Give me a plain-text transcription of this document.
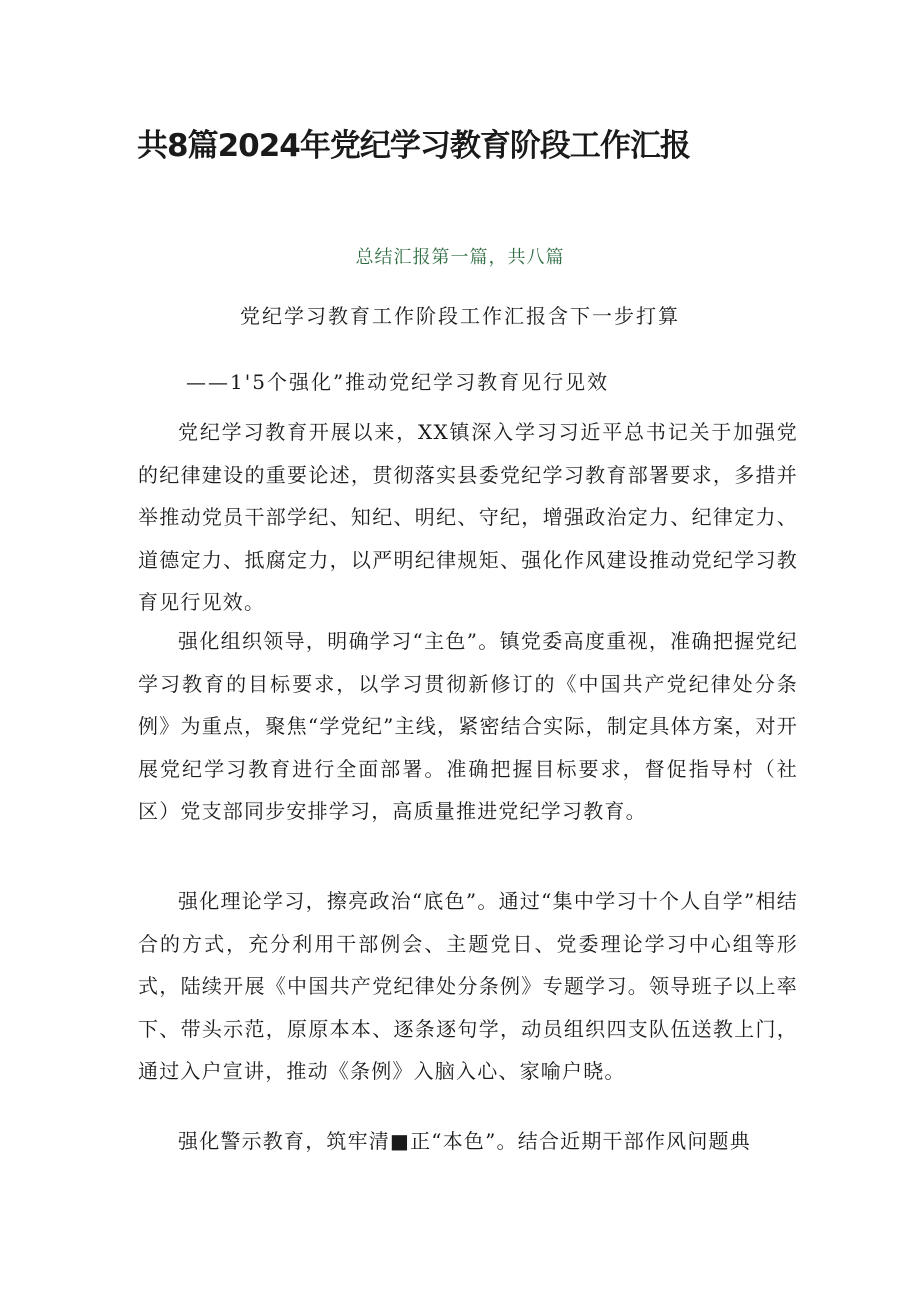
共8篇2024年党纪学习教育阶段工作汇报
总结汇报第一篇，共八篇
党纪学习教育工作阶段工作汇报含下一步打算
——1'5个强化”推动党纪学习教育见行见效

党纪学习教育开展以来，XX镇深入学习习近平总书记关于加强党的纪律建设的重要论述，贯彻落实县委党纪学习教育部署要求，多措并举推动党员干部学纪、知纪、明纪、守纪，增强政治定力、纪律定力、道德定力、抵腐定力，以严明纪律规矩、强化作风建设推动党纪学习教育见行见效。

强化组织领导，明确学习“主色”。镇党委高度重视，准确把握党纪学习教育的目标要求，以学习贯彻新修订的《中国共产党纪律处分条例》为重点，聚焦“学党纪”主线，紧密结合实际，制定具体方案，对开展党纪学习教育进行全面部署。准确把握目标要求，督促指导村（社区）党支部同步安排学习，高质量推进党纪学习教育。

强化理论学习，擦亮政治“底色”。通过“集中学习十个人自学”相结合的方式，充分利用干部例会、主题党日、党委理论学习中心组等形式，陆续开展《中国共产党纪律处分条例》专题学习。领导班子以上率下、带头示范，原原本本、逐条逐句学，动员组织四支队伍送教上门，通过入户宣讲，推动《条例》入脑入心、家喻户晓。

强化警示教育，筑牢清■正“本色”。结合近期干部作风问题典
